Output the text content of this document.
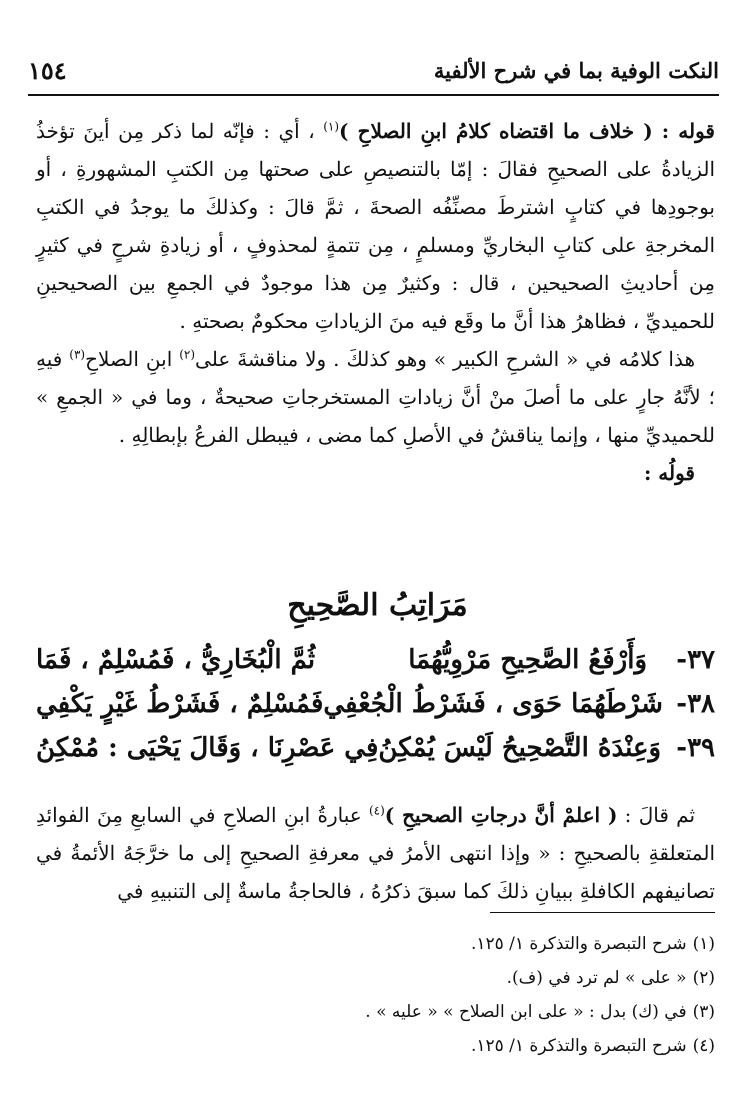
النكت الوفية بما في شرح الألفية
١٥٤

قوله : ( خلاف ما اقتضاه كلامُ ابنِ الصلاحِ )$^{(١)}$ ، أي : فإنّه لما ذكر مِن أينَ تؤخذُ الزيادةُ على الصحيحِ فقالَ : إمّا بالتنصيصِ على صحتها مِن الكتبِ المشهورةِ ، أو بوجودِها في كتابٍ اشترطَ مصنِّفُه الصحةَ ، ثمَّ قالَ : وكذلكَ ما يوجدُ في الكتبِ المخرجةِ على كتابِ البخاريِّ ومسلمٍ ، مِن تتمةٍ لمحذوفٍ ، أو زيادةِ شرحٍ في كثيرٍ مِن أحاديثِ الصحيحين ، قال : وكثيرٌ مِن هذا موجودٌ في الجمعِ بين الصحيحينِ للحميديِّ ، فظاهرُ هذا أنَّ ما وقَع فيه منَ الزياداتِ محكومٌ بصحتهِ .

 هذا كلامُه في « الشرحِ الكبير » وهو كذلكَ . ولا مناقشةَ على$^{(٢)}$ ابنِ الصلاحِ$^{(٣)}$ فيهِ ؛ لأنَّهُ جارٍ على ما أصلَ منْ أنَّ زياداتِ المستخرجاتِ صحيحةٌ ، وما في « الجمعِ » للحميديِّ منها ، وإنما يناقشُ في الأصلِ كما مضى ، فيبطل الفرعُ بإبطالِهِ .

 قولُه :

مَرَاتِبُ الصَّحِيحِ
٣٧-
وَأَرْفَعُ الصَّحِيحِ مَرْوِيُّهُمَا
ثُمَّ الْبُخَارِيُّ ، فَمُسْلِمٌ ، فَمَا
٣٨-
شَرْطَهُمَا حَوَى ، فَشَرْطُ الْجُعْفِي
فَمُسْلِمٌ ، فَشَرْطُ غَيْرٍ يَكْفِي
٣٩-
وَعِنْدَهُ التَّصْحِيحُ لَيْسَ يُمْكِنُ
فِي عَصْرِنَا ، وَقَالَ يَحْيَى : مُمْكِنُ

 ثم قالَ : ( اعلمْ أنَّ درجاتِ الصحيحِ )$^{(٤)}$ عبارةُ ابنِ الصلاحِ في السابعِ مِنَ الفوائدِ المتعلقةِ بالصحيحِ : « وإذا انتهى الأمرُ في معرفةِ الصحيحِ إلى ما خرَّجَهُ الأئمةُ في تصانيفهم الكافلةِ ببيانِ ذلكَ كما سبقَ ذكرُهُ ، فالحاجةُ ماسةٌ إلى التنبيهِ في

(١)شرح التبصرة والتذكرة ١/ ١٢٥.
(٢)« على » لم ترد في (ف).
(٣)في (ك) بدل : « على ابن الصلاح » « عليه » .
(٤)شرح التبصرة والتذكرة ١/ ١٢٥.
